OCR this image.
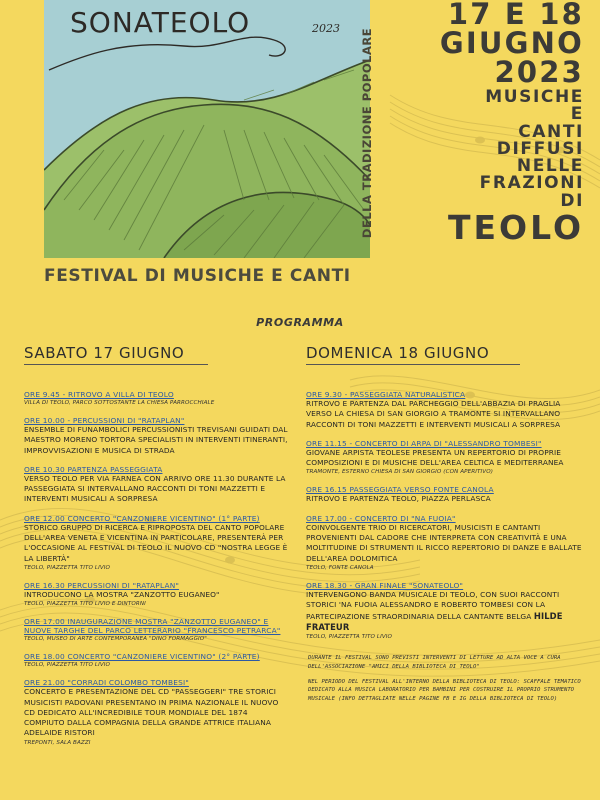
SONATEOLO	2023 DELLA TRADIZIONE POPOLARE
FESTIVAL DI MUSICHE E CANTI
17 E 18
GIUGNO
2023
MUSICHE
E
CANTI
DIFFUSI
NELLE
FRAZIONI
DI
TEOLO
PROGRAMMA
SABATO 17 GIUGNO	DOMENICA 18 GIUGNO
ORE 9.45 - RITROVO A VILLA DI TEOLO
VILLA DI TEOLO, PARCO SOTTOSTANTE LA CHIESA PARROCCHIALE
ORE 10.00 - PERCUSSIONI DI "RATAPLAN"
ENSEMBLE DI FUNAMBOLICI PERCUSSIONISTI TREVISANI GUIDATI DAL MAESTRO MORENO TORTORA SPECIALISTI IN INTERVENTI ITINERANTI, IMPROVVISAZIONI E MUSICA DI STRADA
ORE 10.30 PARTENZA PASSEGGIATA
VERSO TEOLO PER VIA FARNEA CON ARRIVO ORE 11.30 DURANTE LA PASSEGGIATA SI INTERVALLANO RACCONTI DI TONI MAZZETTI E INTERVENTI MUSICALI A SORPRESA
ORE 12.00 CONCERTO "CANZONIERE VICENTINO" (1° PARTE)
STORICO GRUPPO DI RICERCA E RIPROPOSTA DEL CANTO POPOLARE DELL'AREA VENETA E VICENTINA IN PARTICOLARE, PRESENTERÀ PER L'OCCASIONE AL FESTIVAL DI TEOLO IL NUOVO CD "NOSTRA LEGGE È LA LIBERTÀ"
TEOLO, PIAZZETTA TITO LIVIO
ORE 16.30 PERCUSSIONI DI "RATAPLAN"
INTRODUCONO LA MOSTRA "ZANZOTTO EUGANEO"
TEOLO, PIAZZETTA TITO LIVIO E DINTORNI
ORE 17.00 INAUGURAZIONE MOSTRA "ZANZOTTO EUGANEO" E NUOVE TARGHE DEL PARCO LETTERARIO "FRANCESCO PETRARCA"
TEOLO, MUSEO DI ARTE CONTEMPORANEA "DINO FORMAGGIO"
ORE 18.00 CONCERTO "CANZONIERE VICENTINO" (2° PARTE)
TEOLO, PIAZZETTA TITO LIVIO
ORE 21.00 "CORRADI COLOMBO TOMBESI"
CONCERTO E PRESENTAZIONE DEL CD "PASSEGGERI" TRE STORICI MUSICISTI PADOVANI PRESENTANO IN PRIMA NAZIONALE IL NUOVO CD DEDICATO ALL'INCREDIBILE TOUR MONDIALE DEL 1874 COMPIUTO DALLA COMPAGNIA DELLA GRANDE ATTRICE ITALIANA ADELAIDE RISTORI
TREPONTI, SALA BAZZI
ORE 9.30 - PASSEGGIATA NATURALISTICA
RITROVO E PARTENZA DAL PARCHEGGIO DELL'ABBAZIA DI PRAGLIA VERSO LA CHIESA DI SAN GIORGIO A TRAMONTE SI INTERVALLANO RACCONTI DI TONI MAZZETTI E INTERVENTI MUSICALI A SORPRESA
ORE 11.15 - CONCERTO DI ARPA DI "ALESSANDRO TOMBESI"
GIOVANE ARPISTA TEOLESE PRESENTA UN REPERTORIO DI PROPRIE COMPOSIZIONI E DI MUSICHE DELL'AREA CELTICA E MEDITERRANEA
TRAMONTE, ESTERNO CHIESA DI SAN GIORGIO (CON APERITIVO)
ORE 16.15 PASSEGGIATA VERSO FONTE CANOLA
RITROVO E PARTENZA TEOLO, PIAZZA PERLASCA
ORE 17.00 - CONCERTO DI "NA FUOIA"
COINVOLGENTE TRIO DI RICERCATORI, MUSICISTI E CANTANTI PROVENIENTI DAL CADORE CHE INTERPRETA CON CREATIVITÀ E UNA MOLTITUDINE DI STRUMENTI IL RICCO REPERTORIO DI DANZE E BALLATE DELL'AREA DOLOMITICA
TEOLO, FONTE CANOLA
ORE 18.30 - GRAN FINALE "SONATEOLO"
INTERVENGONO BANDA MUSICALE DI TEOLO, CON SUOI RACCONTI STORICI 'NA FUOIA ALESSANDRO E ROBERTO TOMBESI CON LA PARTECIPAZIONE STRAORDINARIA DELLA CANTANTE BELGA HILDE FRATEUR
TEOLO, PIAZZETTA TITO LIVIO
DURANTE IL FESTIVAL SONO PREVISTI INTERVENTI DI LETTURE AD ALTA VOCE A CURA DELL'ASSOCIAZIONE "AMICI DELLA BIBLIOTECA DI TEOLO"
NEL PERIODO DEL FESTIVAL ALL'INTERNO DELLA BIBLIOTECA DI TEOLO: SCAFFALE TEMATICO DEDICATO ALLA MUSICA LABORATORIO PER BAMBINI PER COSTRUIRE IL PROPRIO STRUMENTO MUSICALE (INFO DETTAGLIATE NELLE PAGINE FB E IG DELLA BIBLIOTECA DI TEOLO)
